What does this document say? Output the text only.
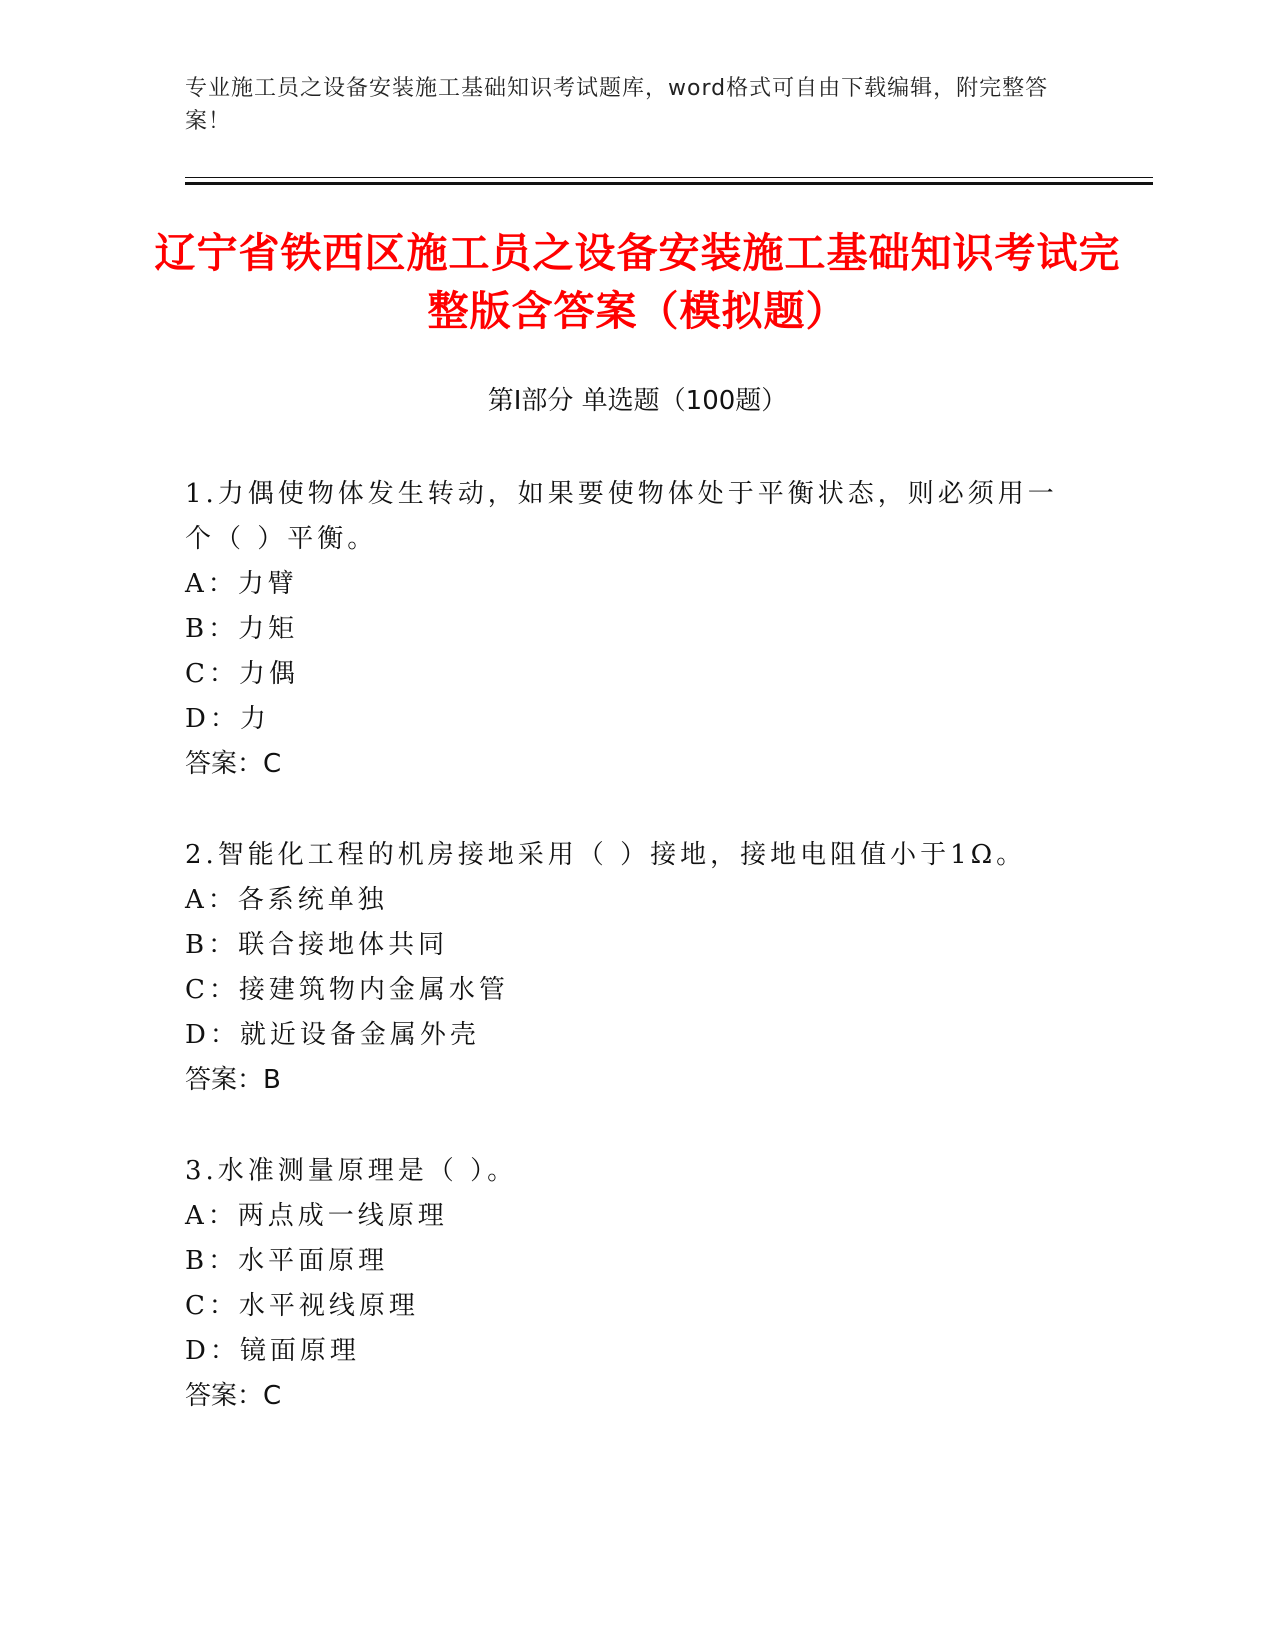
专业施工员之设备安装施工基础知识考试题库，word格式可自由下载编辑，附完整答案！
辽宁省铁西区施工员之设备安装施工基础知识考试完整版含答案（模拟题）
第Ⅰ部分 单选题（100题）

1.力偶使物体发生转动，如果要使物体处于平衡状态，则必须用一个（ ）平衡。

A：力臂

B：力矩

C：力偶

D：力

答案：C

2.智能化工程的机房接地采用（ ）接地，接地电阻值小于1Ω。

A：各系统单独

B：联合接地体共同

C：接建筑物内金属水管

D：就近设备金属外壳

答案：B

3.水准测量原理是（ ）。

A：两点成一线原理

B：水平面原理

C：水平视线原理

D：镜面原理

答案：C
